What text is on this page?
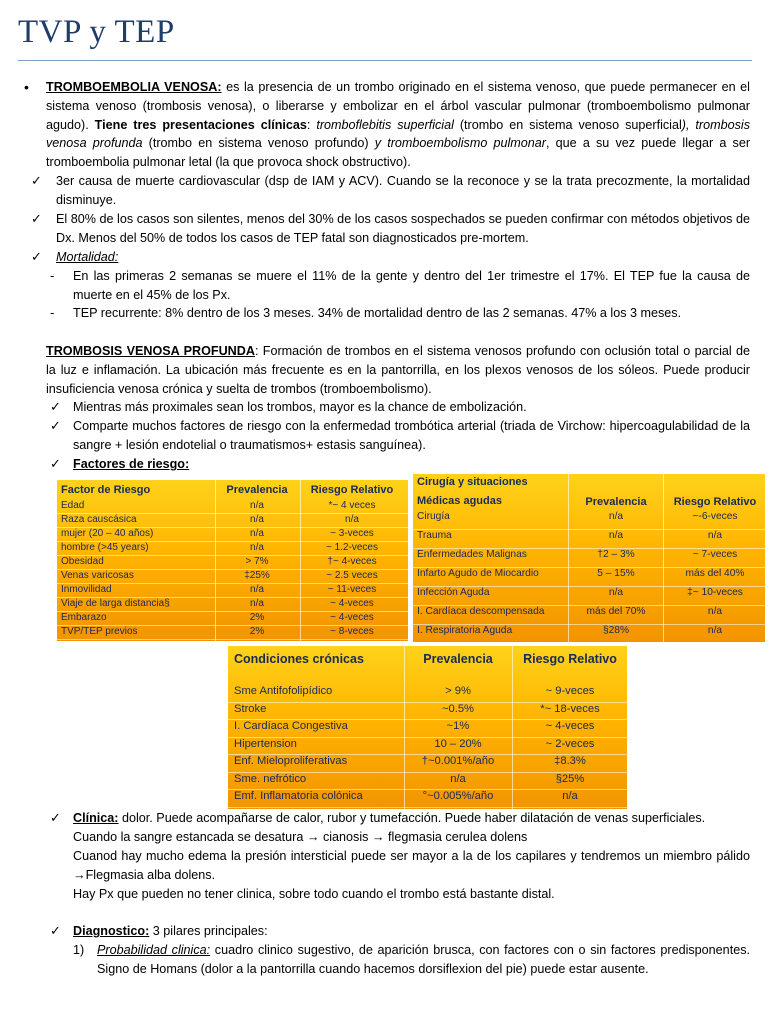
TVP y TEP
• TROMBOEMBOLIA VENOSA: es la presencia de un trombo originado en el sistema venoso, que puede permanecer en el sistema venoso (trombosis venosa), o liberarse y embolizar en el árbol vascular pulmonar (tromboembolismo pulmonar agudo). Tiene tres presentaciones clínicas: tromboflebitis superficial (trombo en sistema venoso superficial), trombosis venosa profunda (trombo en sistema venoso profundo) y tromboembolismo pulmonar, que a su vez puede llegar a ser tromboembolia pulmonar letal (la que provoca shock obstructivo).
✓ 3er causa de muerte cardiovascular (dsp de IAM y ACV). Cuando se la reconoce y se la trata precozmente, la mortalidad disminuye.
✓ El 80% de los casos son silentes, menos del 30% de los casos sospechados se pueden confirmar con métodos objetivos de Dx. Menos del 50% de todos los casos de TEP fatal son diagnosticados pre-mortem.
✓ Mortalidad:
- En las primeras 2 semanas se muere el 11% de la gente y dentro del 1er trimestre el 17%. El TEP fue la causa de muerte en el 45% de los Px.
- TEP recurrente: 8% dentro de los 3 meses. 34% de mortalidad dentro de las 2 semanas. 47% a los 3 meses.
TROMBOSIS VENOSA PROFUNDA: Formación de trombos en el sistema venosos profundo con oclusión total o parcial de la luz e inflamación. La ubicación más frecuente es en la pantorrilla, en los plexos venosos de los sóleos. Puede producir insuficiencia venosa crónica y suelta de trombos (tromboembolismo).
✓ Mientras más proximales sean los trombos, mayor es la chance de embolización.
✓ Comparte muchos factores de riesgo con la enfermedad trombótica arterial (triada de Virchow: hipercoagulabilidad de la sangre + lesión endotelial o traumatismos+ estasis sanguínea).
✓ Factores de riesgo:
Factor de Riesgo	Prevalencia	Riesgo Relativo
Edad	n/a	*~ 4 veces
Raza causcásica	n/a	n/a
mujer (20 – 40 años)	n/a	~ 3-veces
hombre (>45 years)	n/a	~ 1.2-veces
Obesidad	> 7%	†~ 4-veces
Venas varicosas	‡25%	~ 2.5 veces
Inmovilidad	n/a	~ 11-veces
Viaje de larga distancia§	n/a	~ 4-veces
Embarazo	2%	~ 4-veces
TVP/TEP previos	2%	~ 8-veces
Cirugía y situaciones
Médicas agudas	Prevalencia	Riesgo Relativo
Cirugía	n/a	~-6-veces
Trauma	n/a	n/a
Enfermedades Malignas	†2 – 3%	~ 7-veces
Infarto Agudo de Miocardio	5 – 15%	más del 40%
Infección Aguda	n/a	‡~ 10-veces
I. Cardíaca descompensada	más del 70%	n/a
I. Respiratoria Aguda	§28%	n/a
Condiciones crónicas	Prevalencia	Riesgo Relativo
Sme Antifofolipídico	> 9%	~ 9-veces
Stroke	~0.5%	*~ 18-veces
I. Cardíaca Congestiva	~1%	~ 4-veces
Hipertension	10 – 20%	~ 2-veces
Enf. Mieloproliferativas	†~0.001%/año	‡8.3%
Sme. nefrótico	n/a	§25%
Emf. Inflamatoria colónica	°~0.005%/año	n/a
✓ Clínica: dolor. Puede acompañarse de calor, rubor y tumefacción. Puede haber dilatación de venas superficiales.
Cuando la sangre estancada se desatura → cianosis → flegmasia cerulea dolens
Cuanod hay mucho edema la presión intersticial puede ser mayor a la de los capilares y tendremos un miembro pálido →Flegmasia alba dolens.
Hay Px que pueden no tener clinica, sobre todo cuando el trombo está bastante distal.
✓ Diagnostico: 3 pilares principales:
1)	Probabilidad clinica: cuadro clinico sugestivo, de aparición brusca, con factores con o sin factores predisponentes. Signo de Homans (dolor a la pantorrilla cuando hacemos dorsiflexion del pie) puede estar ausente.
